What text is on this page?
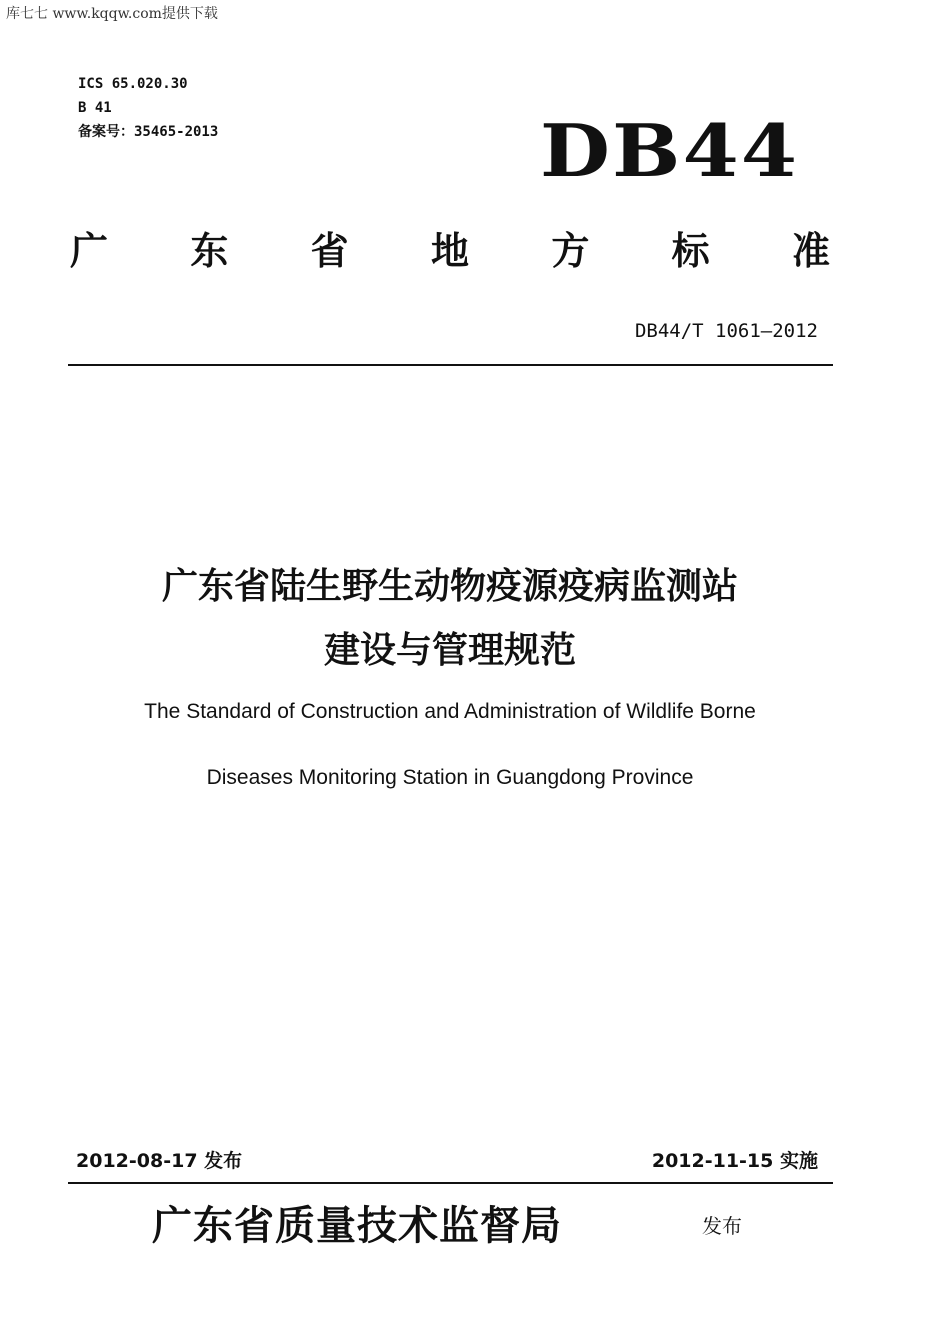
库七七 www.kqqw.com提供下载
ICS 65.020.30
B 41
备案号：35465-2013	DB44
广 东 省 地 方 标 准
DB44/T 1061—2012
广东省陆生野生动物疫源疫病监测站
建设与管理规范
The Standard of Construction and Administration of Wildlife Borne
Diseases Monitoring Station in Guangdong Province
2012-08-17 发布	2012-11-15 实施
广东省质量技术监督局	发布
